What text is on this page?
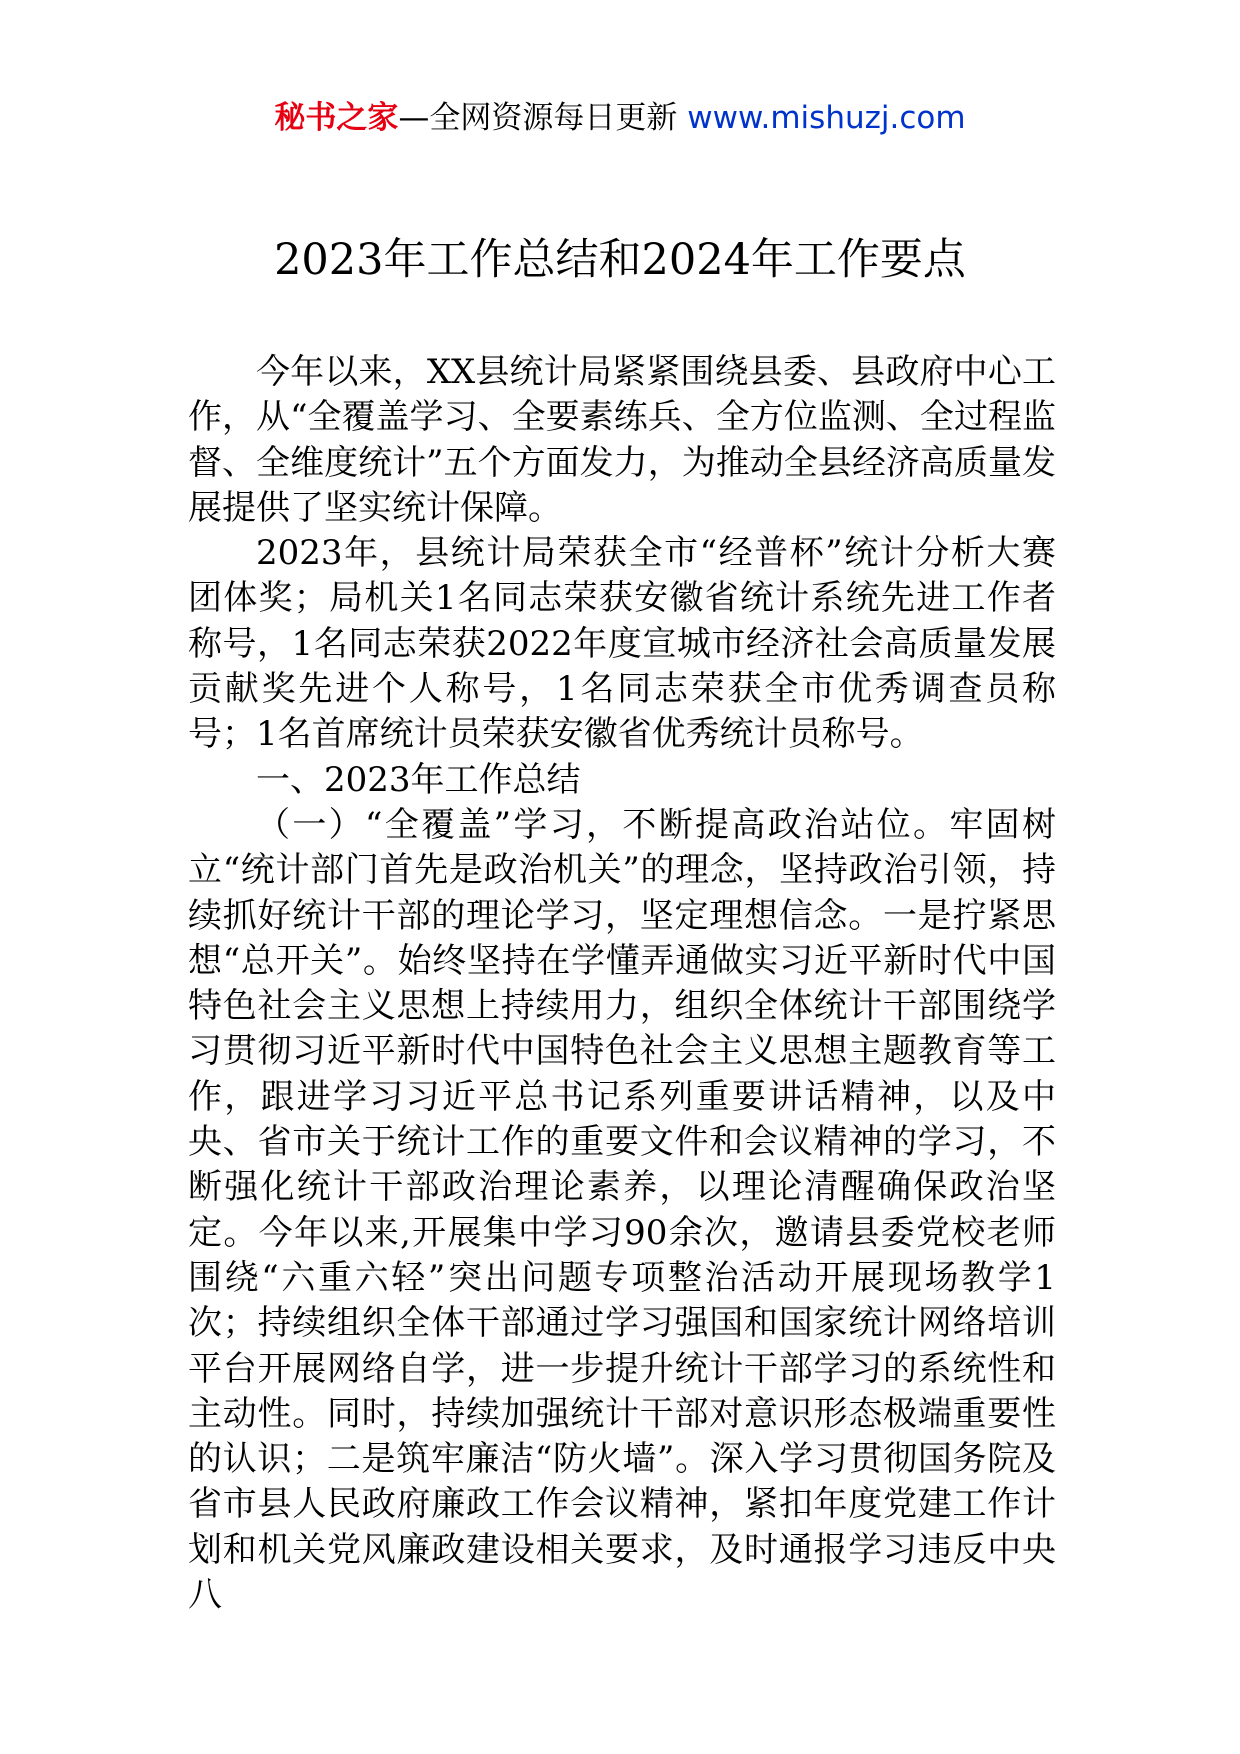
秘书之家—全网资源每日更新 www.mishuzj.com
2023年工作总结和2024年工作要点

今年以来，XX县统计局紧紧围绕县委、县政府中心工作，从“全覆盖学习、全要素练兵、全方位监测、全过程监督、全维度统计”五个方面发力，为推动全县经济高质量发展提供了坚实统计保障。

2023年，县统计局荣获全市“经普杯”统计分析大赛团体奖；局机关1名同志荣获安徽省统计系统先进工作者称号，1名同志荣获2022年度宣城市经济社会高质量发展贡献奖先进个人称号，1名同志荣获全市优秀调查员称号；1名首席统计员荣获安徽省优秀统计员称号。

一、2023年工作总结

（一）“全覆盖”学习，不断提高政治站位。牢固树立“统计部门首先是政治机关”的理念，坚持政治引领，持续抓好统计干部的理论学习，坚定理想信念。一是拧紧思想“总开关”。始终坚持在学懂弄通做实习近平新时代中国特色社会主义思想上持续用力，组织全体统计干部围绕学习贯彻习近平新时代中国特色社会主义思想主题教育等工作，跟进学习习近平总书记系列重要讲话精神，以及中央、省市关于统计工作的重要文件和会议精神的学习，不断强化统计干部政治理论素养，以理论清醒确保政治坚定。今年以来,开展集中学习90余次，邀请县委党校老师围绕“六重六轻”突出问题专项整治活动开展现场教学1次；持续组织全体干部通过学习强国和国家统计网络培训平台开展网络自学，进一步提升统计干部学习的系统性和主动性。同时，持续加强统计干部对意识形态极端重要性的认识；二是筑牢廉洁“防火墙”。深入学习贯彻国务院及省市县人民政府廉政工作会议精神，紧扣年度党建工作计划和机关党风廉政建设相关要求，及时通报学习违反中央八
